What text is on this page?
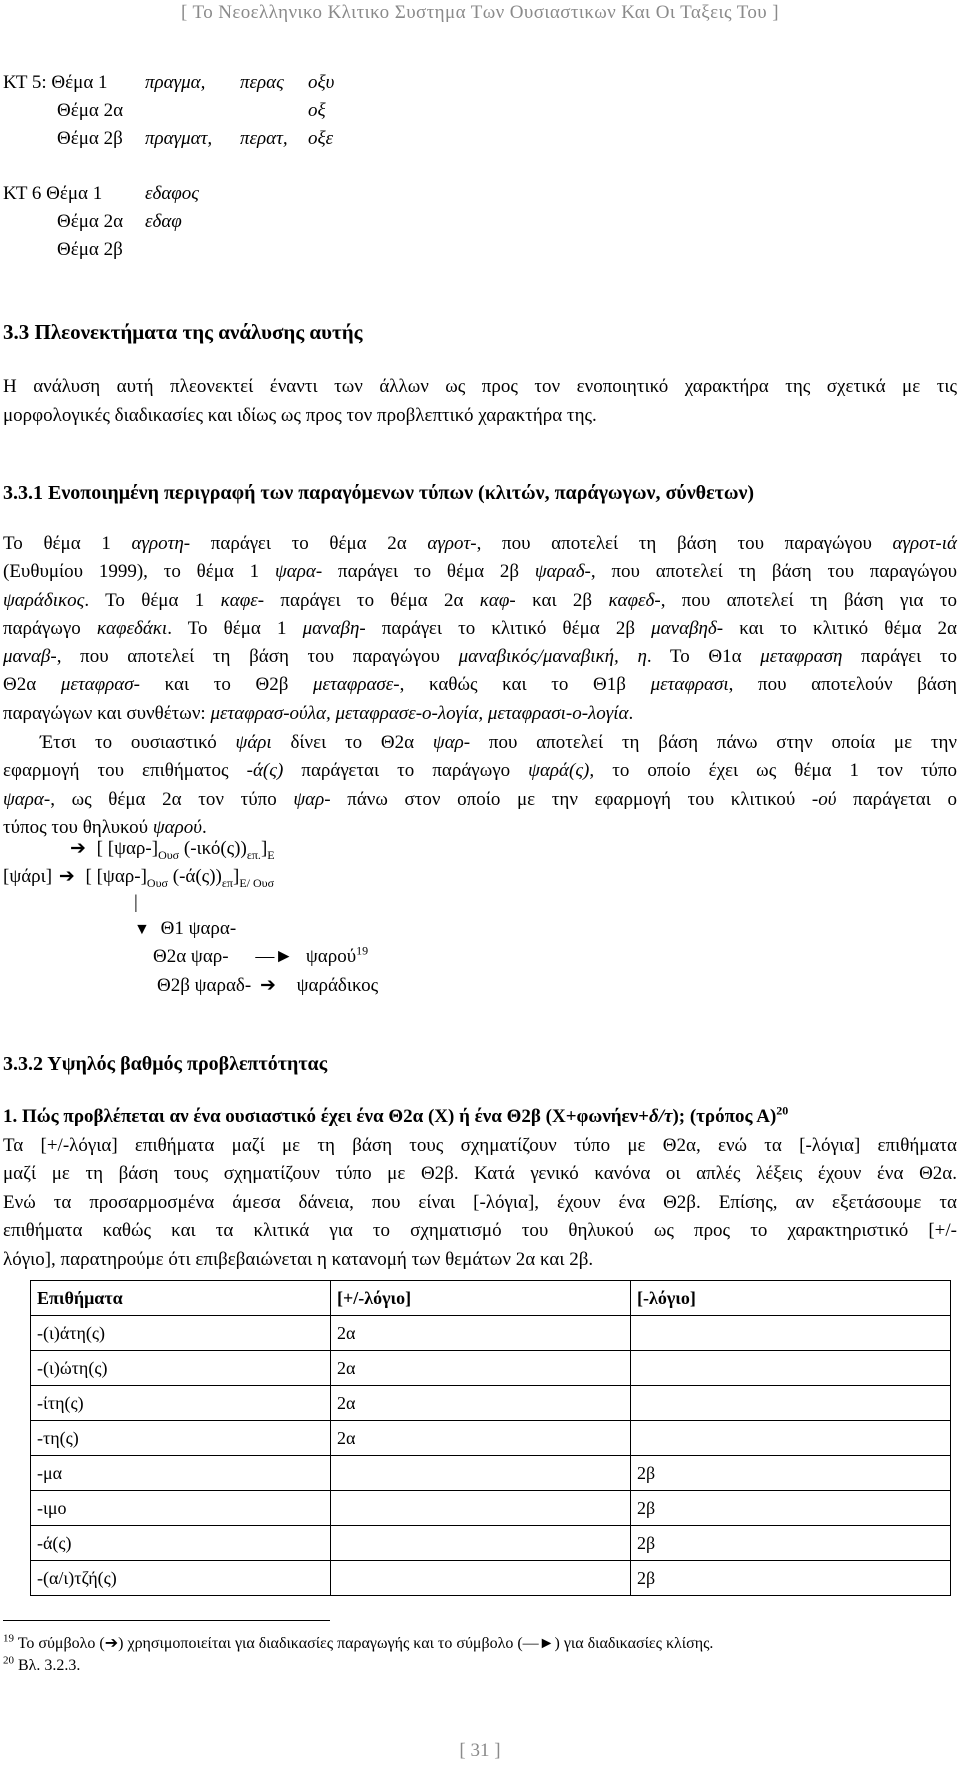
[ Το Νεοελληνικο Κλιτικο Συστημα Των Ουσιαστικων Και Οι Ταξεις Του ]
ΚΤ 5: Θέμα 1 πραγμα, περας οξυ
Θέμα 2α	οξ
Θέμα 2β πραγματ, περατ, οξε
ΚΤ 6 Θέμα 1 εδαφος
Θέμα 2α εδαφ
Θέμα 2β
3.3 Πλεονεκτήματα της ανάλυσης αυτής
Η ανάλυση αυτή πλεονεκτεί έναντι των άλλων ως προς τον ενοποιητικό χαρακτήρα της σχετικά με τις
μορφολογικές διαδικασίες και ιδίως ως προς τον προβλεπτικό χαρακτήρα της.
3.3.1 Ενοποιημένη περιγραφή των παραγόμενων τύπων (κλιτών, παράγωγων, σύνθετων)
Το θέμα 1 αγροτη- παράγει το θέμα 2α αγροτ-, που αποτελεί τη βάση του παραγώγου αγροτ-ιά
(Ευθυμίου 1999), το θέμα 1 ψαρα- παράγει το θέμα 2β ψαραδ-, που αποτελεί τη βάση του παραγώγου
ψαράδικος. Το θέμα 1 καφε- παράγει το θέμα 2α καφ- και 2β καφεδ-, που αποτελεί τη βάση για το
παράγωγο καφεδάκι. Το θέμα 1 μαναβη- παράγει το κλιτικό θέμα 2β μαναβηδ- και το κλιτικό θέμα 2α
μαναβ-, που αποτελεί τη βάση του παραγώγου μαναβικός/μαναβική, η. Το Θ1α μεταφραση παράγει το
Θ2α μεταφρασ- και το Θ2β μεταφρασε-, καθώς και το Θ1β μεταφρασι, που αποτελούν βάση
παραγώγων και συνθέτων: μεταφρασ-ούλα, μεταφρασε-ο-λογία, μεταφρασι-ο-λογία.
Έτσι το ουσιαστικό ψάρι δίνει το Θ2α ψαρ- που αποτελεί τη βάση πάνω στην οποία με την
εφαρμογή του επιθήματος -ά(ς) παράγεται το παράγωγο ψαρά(ς), το οποίο έχει ως θέμα 1 τον τύπο
ψαρα-, ως θέμα 2α τον τύπο ψαρ- πάνω στον οποίο με την εφαρμογή του κλιτικού -ού παράγεται ο
τύπος του θηλυκού ψαρού.
➔ [ $[\psi\alpha\rho-]_{O\upsilon\sigma}$ $(-\iota\kappa ό(\varsigma))_{\varepsilon\pi.}]_E$
[ψάρι] ➔ [ $[\psi\alpha\rho-]_{O\upsilon\sigma}$ $(-ά(\varsigma))_{\varepsilon\pi}]_{E/ O\upsilon\sigma}$
|
▼ Θ1 ψαρα-
Θ2α ψαρ- —► ψαρού$^{19}$
Θ2β ψαραδ- ➔ ψαράδικος
3.3.2 Υψηλός βαθμός προβλεπτότητας
1. Πώς προβλέπεται αν ένα ουσιαστικό έχει ένα Θ2α (Χ) ή ένα Θ2β (Χ+φωνήεν+δ/τ); (τρόπος Α)$^{20}$
Τα [+/-λόγια] επιθήματα μαζί με τη βάση τους σχηματίζουν τύπο με Θ2α, ενώ τα [-λόγια] επιθήματα
μαζί με τη βάση τους σχηματίζουν τύπο με Θ2β. Κατά γενικό κανόνα οι απλές λέξεις έχουν ένα Θ2α.
Ενώ τα προσαρμοσμένα άμεσα δάνεια, που είναι [-λόγια], έχουν ένα Θ2β. Επίσης, αν εξετάσουμε τα
επιθήματα καθώς και τα κλιτικά για το σχηματισμό του θηλυκού ως προς το χαρακτηριστικό [+/-
λόγιο], παρατηρούμε ότι επιβεβαιώνεται η κατανομή των θεμάτων 2α και 2β.
Επιθήματα	[+/-λόγιο]	[-λόγιο]
-(ι)άτη(ς)	2α	
-(ι)ώτη(ς)	2α	
-ίτη(ς)	2α	
-τη(ς)	2α	
-μα		2β
-ιμο		2β
-ά(ς)		2β
-(α/ι)τζή(ς)		2β
$^{19}$ Το σύμβολο (➔) χρησιμοποιείται για διαδικασίες παραγωγής και το σύμβολο (—►) για διαδικασίες κλίσης.
$^{20}$ Βλ. 3.2.3.
[ 31 ]
